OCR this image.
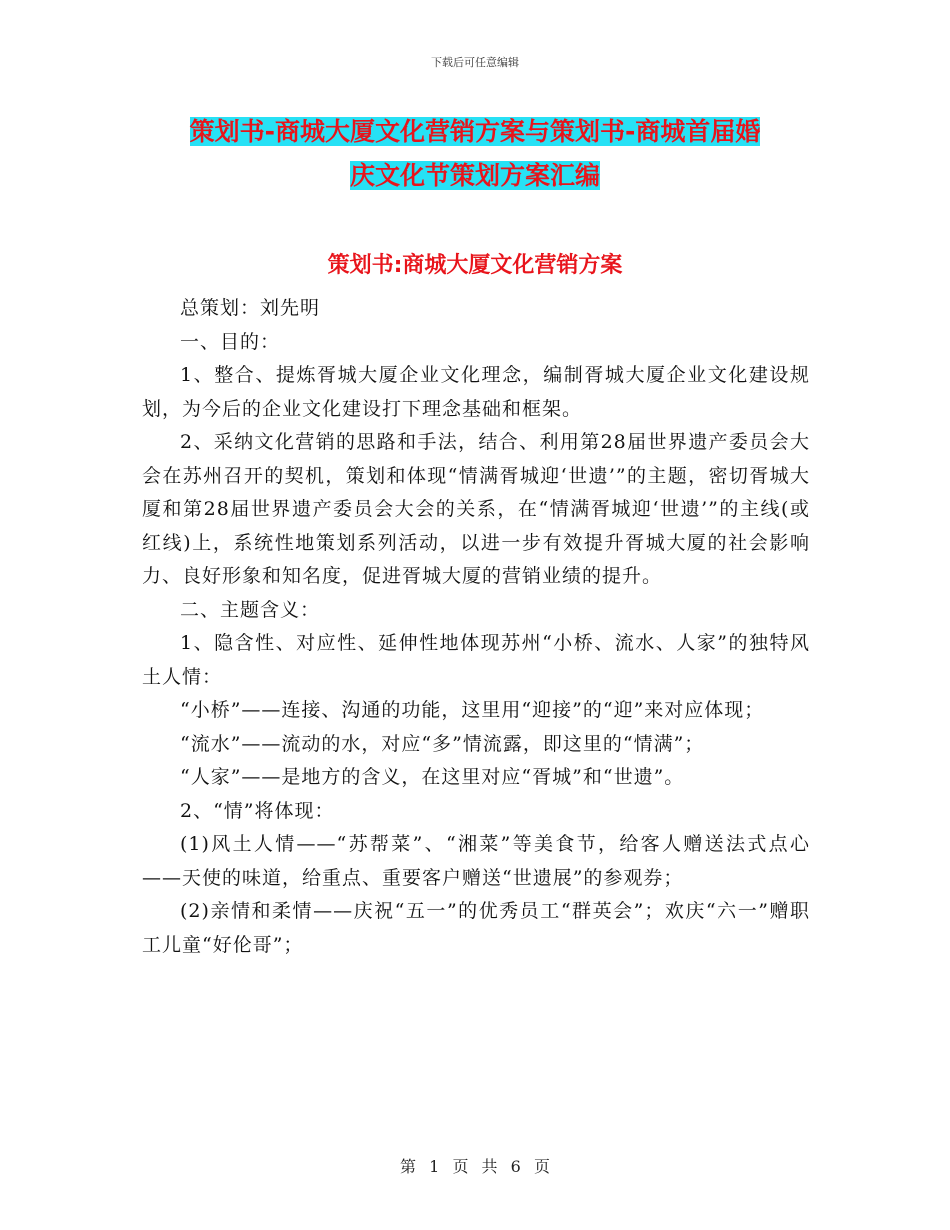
下载后可任意编辑
策划书-商城大厦文化营销方案与策划书-商城首届婚
庆文化节策划方案汇编
策划书:商城大厦文化营销方案

总策划：刘先明

一、目的：

1、整合、提炼胥城大厦企业文化理念，编制胥城大厦企业文化建设规划，为今后的企业文化建设打下理念基础和框架。

2、采纳文化营销的思路和手法，结合、利用第28届世界遗产委员会大会在苏州召开的契机，策划和体现“情满胥城迎‘世遗’”的主题，密切胥城大厦和第28届世界遗产委员会大会的关系，在“情满胥城迎‘世遗’”的主线(或红线)上，系统性地策划系列活动，以进一步有效提升胥城大厦的社会影响力、良好形象和知名度，促进胥城大厦的营销业绩的提升。

二、主题含义：

1、隐含性、对应性、延伸性地体现苏州“小桥、流水、人家”的独特风土人情：

“小桥”——连接、沟通的功能，这里用“迎接”的“迎”来对应体现；

“流水”——流动的水，对应“多”情流露，即这里的“情满”；

“人家”——是地方的含义，在这里对应“胥城”和“世遗”。

2、“情”将体现：

(1)风土人情——“苏帮菜”、“湘菜”等美食节，给客人赠送法式点心——天使的味道，给重点、重要客户赠送“世遗展”的参观券；

(2)亲情和柔情——庆祝“五一”的优秀员工“群英会”；欢庆“六一”赠职工儿童“好伦哥”；

第 1 页 共 6 页
